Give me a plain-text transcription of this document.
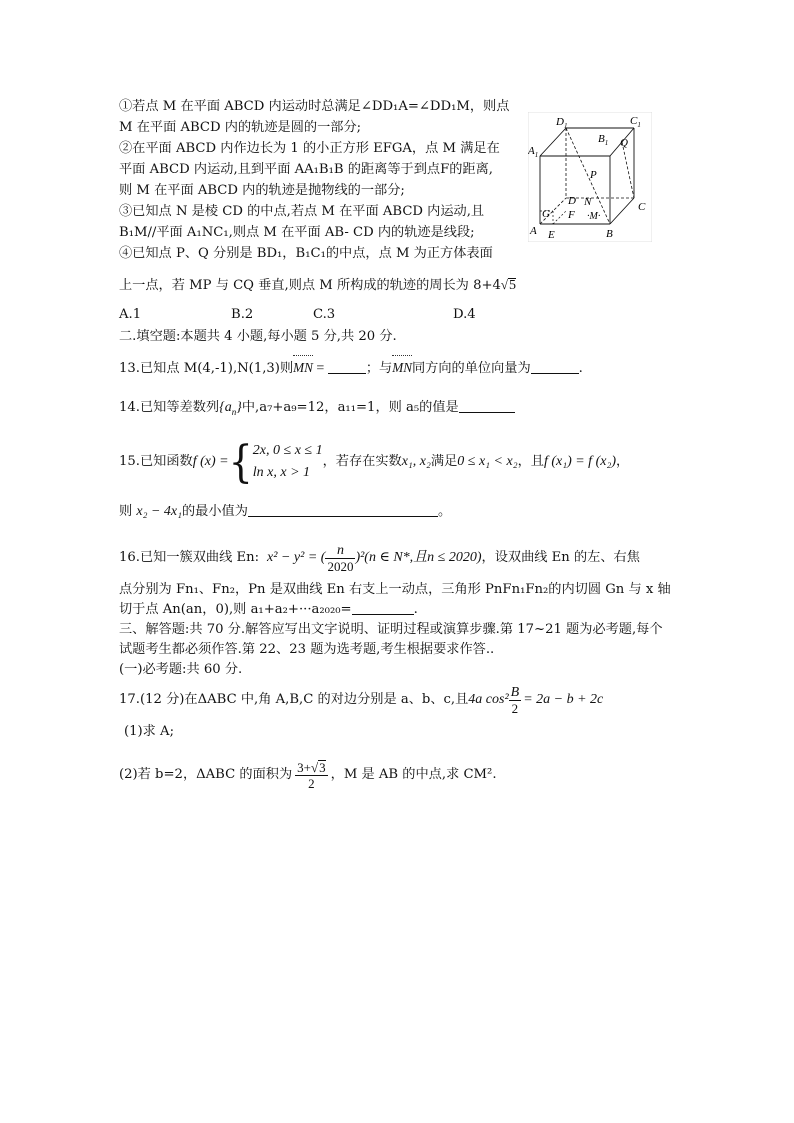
①若点 M 在平面 ABCD 内运动时总满足∠DD₁A=∠DD₁M，则点
M 在平面 ABCD 内的轨迹是圆的一部分;
②在平面 ABCD 内作边长为 1 的小正方形 EFGA，点 M 满足在
平面 ABCD 内运动,且到平面 AA₁B₁B 的距离等于到点F的距离,
则 M 在平面 ABCD 内的轨迹是抛物线的一部分;
③已知点 N 是棱 CD 的中点,若点 M 在平面 ABCD 内运动,且
B₁M//平面 A₁NC₁,则点 M 在平面 AB- CD 内的轨迹是线段;
④已知点 P、Q 分别是 BD₁，B₁C₁的中点，点 M 为正方体表面
上一点，若 MP 与 CQ 垂直,则点 M 所构成的轨迹的周长为 8+4√5
A.1	B.2	C.3	D.4
$D_1$
$B_1$
$C_1$
$A_1$
Q
P
D N	C
G F ·M·
A E	B
二.填空题:本题共 4 小题,每小题 5 分,共 20 分.
13.已知点 M(4,-1),N(1,3)则MN =	；与MN同方向的单位向量为	.
14.已知等差数列$\{a_n\}$中,a₇+a₉=12，a₁₁=1，则 a₅的值是
15.已知函数 f (x) = { 2x, 0 ≤ x ≤ 1
ln x, x > 1
，若存在实数 x₁, x₂ 满足 0 ≤ x₁ < x₂ ，且 f (x₁) = f (x₂) ，
则 x₂ − 4x₁的最小值为	。
16.已知一簇双曲线 En: x² − y² = ( $\frac{n}{2020} )^2(n$ ∈ N*,且n ≤ 2020) ，设双曲线 En 的左、右焦
点分别为 Fn₁、Fn₂，Pn 是双曲线 En 右支上一动点，三角形 PnFn₁Fn₂的内切圆 Gn 与 x 轴
切于点 An(an，0),则 a₁+a₂+···a₂₀₂₀=	.
三、解答题:共 70 分.解答应写出文字说明、证明过程或演算步骤.第 17~21 题为必考题,每个
试题考生都必须作答.第 22、23 题为选考题,考生根据要求作答..
(一)必考题:共 60 分.
17.(12 分)在ΔABC 中,角 A,B,C 的对边分别是 a、b、c,且 4a $\cos^2 \frac{B}{2} = 2a - b + 2c$
(1)求 A;
(2)若 b=2，ΔABC 的面积为 $\frac{3+√3}{2}$ ，M 是 AB 的中点,求 CM².
